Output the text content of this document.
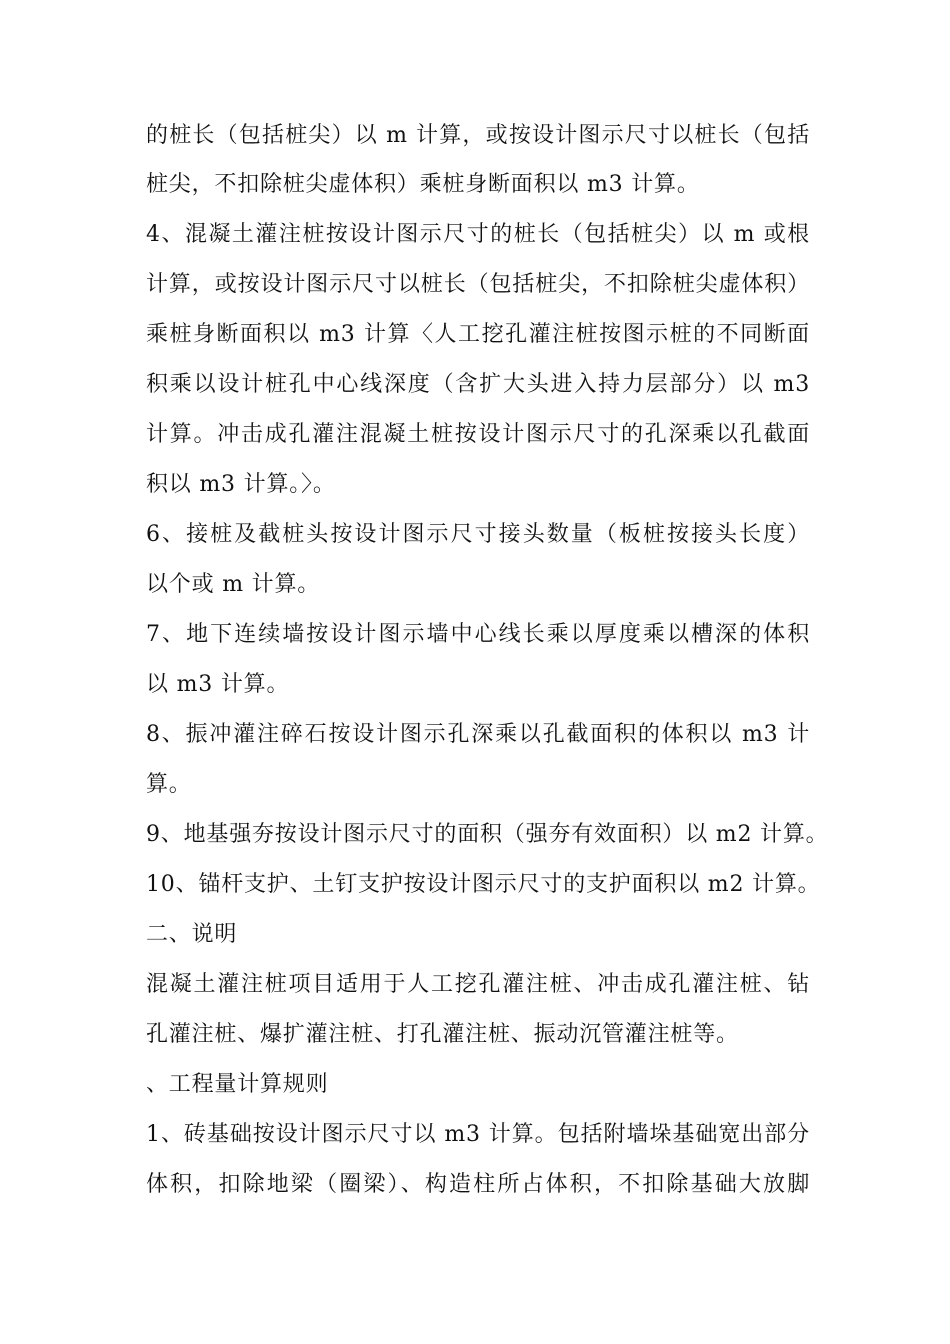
的桩长（包括桩尖）以 m 计算，或按设计图示尺寸以桩长（包括
桩尖，不扣除桩尖虚体积）乘桩身断面积以 m3 计算。
4、混凝土灌注桩按设计图示尺寸的桩长（包括桩尖）以 m 或根
计算，或按设计图示尺寸以桩长（包括桩尖，不扣除桩尖虚体积）
乘桩身断面积以 m3 计算〈人工挖孔灌注桩按图示桩的不同断面
积乘以设计桩孔中心线深度（含扩大头进入持力层部分）以 m3
计算。冲击成孔灌注混凝土桩按设计图示尺寸的孔深乘以孔截面
积以 m3 计算。〉。
6、接桩及截桩头按设计图示尺寸接头数量（板桩按接头长度）
以个或 m 计算。
7、地下连续墙按设计图示墙中心线长乘以厚度乘以槽深的体积
以 m3 计算。
8、振冲灌注碎石按设计图示孔深乘以孔截面积的体积以 m3 计
算。
9、地基强夯按设计图示尺寸的面积（强夯有效面积）以 m2 计算。
10、锚杆支护、土钉支护按设计图示尺寸的支护面积以 m2 计算。
二、说明
混凝土灌注桩项目适用于人工挖孔灌注桩、冲击成孔灌注桩、钻
孔灌注桩、爆扩灌注桩、打孔灌注桩、振动沉管灌注桩等。
、工程量计算规则
1、砖基础按设计图示尺寸以 m3 计算。包括附墙垛基础宽出部分
体积，扣除地梁（圈梁）、构造柱所占体积，不扣除基础大放脚
